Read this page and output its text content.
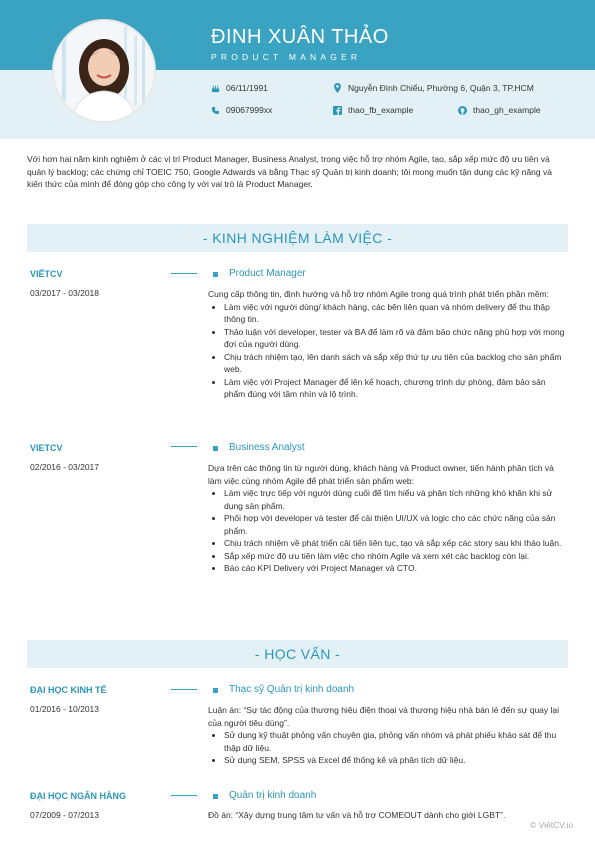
ĐINH XUÂN THẢO
PRODUCT MANAGER
06/11/1991
09067999xx
Nguyễn Đình Chiểu, Phường 6, Quận 3, TP.HCM
thao_fb_example	thao_gh_example

Với hơn hai năm kinh nghiệm ở các vị trí Product Manager, Business Analyst, trong việc hỗ trợ nhóm Agile, tạo, sắp xếp mức độ ưu tiên và quản lý backlog; các chứng chỉ TOEIC 750, Google Adwards và bằng Thạc sỹ Quản trị kinh doanh; tôi mong muốn tận dụng các kỹ năng và kiến thức của mình để đóng góp cho công ty với vai trò là Product Manager.

- KINH NGHIỆM LÀM VIỆC -
VIẾTCV
03/2017 - 03/2018
Product Manager

Cung cấp thông tin, định hướng và hỗ trợ nhóm Agile trong quá trình phát triển phần mềm:

• Làm việc với người dùng/ khách hàng, các bên liên quan và nhóm delivery để thu thập thông tin.
• Thảo luận với developer, tester và BA để làm rõ và đảm bảo chức năng phù hợp với mong đợi của người dùng.
• Chịu trách nhiệm tạo, lên danh sách và sắp xếp thứ tự ưu tiên của backlog cho sản phẩm web.
• Làm việc với Project Manager để lên kế hoạch, chương trình dự phòng, đảm bảo sản phẩm đúng với tầm nhìn và lộ trình.
VIETCV
02/2016 - 03/2017
Business Analyst

Dựa trên các thông tin từ người dùng, khách hàng và Product owner, tiến hành phân tích và làm việc cùng nhóm Agile để phát triển sản phẩm web:

• Làm việc trực tiếp với người dùng cuối để tìm hiểu và phân tích những khó khăn khi sử dụng sản phẩm.
• Phối hợp với developer và tester để cải thiện UI/UX và logic cho các chức năng của sản phẩm.
• Chịu trách nhiệm về phát triển cải tiến liên tục, tạo và sắp xếp các story sau khi thảo luận.
• Sắp xếp mức độ ưu tiên làm việc cho nhóm Agile và xem xét các backlog còn lại.
• Báo cáo KPI Delivery với Project Manager và CTO.
- HỌC VẤN -
ĐẠI HỌC KINH TẾ
01/2016 - 10/2013
Thạc sỹ Quản trị kinh doanh

Luận án: “Sự tác động của thương hiệu điện thoại và thương hiệu nhà bán lẻ đến sự quay lại của người tiêu dùng”.

• Sử dụng kỹ thuật phỏng vấn chuyên gia, phỏng vấn nhóm và phát phiếu khảo sát để thu thập dữ liệu.
• Sử dụng SEM, SPSS và Excel để thống kê và phân tích dữ liệu.
ĐẠI HỌC NGÂN HÀNG
07/2009 - 07/2013
Quản trị kinh doanh

Đồ án: “Xây dựng trung tâm tư vấn và hỗ trợ COMEOUT dành cho giới LGBT”.

© ViếtCV.io
